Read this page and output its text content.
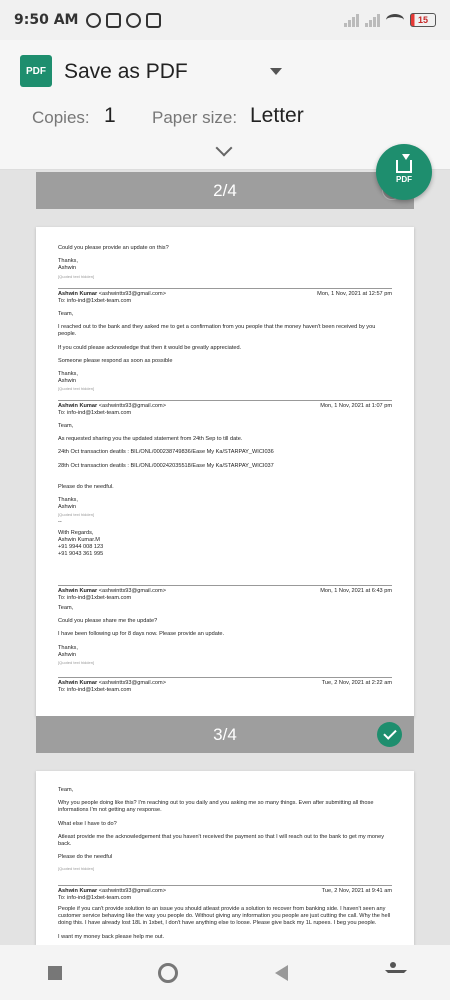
9:50 AM	15
PDF Save as PDF
Copies: 1 Paper size: Letter
PDF
2/4

Could you please provide an update on this?

Thanks,

Ashwin

[Quoted text hidden]

Ashwin Kumar <ashwintts93@gmail.com>	Mon, 1 Nov, 2021 at 12:57 pm

To: info-ind@1xbet-team.com

Team,

I reached out to the bank and they asked me to get a confirmation from you people that the money haven't been received by you people.

If you could please acknowledge that then it would be greatly appreciated.

Someone please respond as soon as possible

Thanks,

Ashwin

[Quoted text hidden]

Ashwin Kumar <ashwintts93@gmail.com>	Mon, 1 Nov, 2021 at 1:07 pm

To: info-ind@1xbet-team.com

Team,

As requested sharing you the updated statement from 24th Sep to till date.

24th Oct transaction deatils : BIL/ONL/000238749836/Ease My Ka/STARPAY_WICI036

28th Oct transaction deatils : BIL/ONL/000242035518/Ease My Ka/STARPAY_WICI037

Please do the needful.

Thanks,

Ashwin

[Quoted text hidden]

--

With Regards,

Ashwin Kumar.M

+91 9944 008 123

+91 9043 361 995

Ashwin Kumar <ashwintts93@gmail.com>	Mon, 1 Nov, 2021 at 6:43 pm

To: info-ind@1xbet-team.com

Team,

Could you please share me the update?

I have been following up for 8 days now. Please provide an update.

Thanks,

Ashwin

[Quoted text hidden]

Ashwin Kumar <ashwintts93@gmail.com>	Tue, 2 Nov, 2021 at 2:22 am

To: info-ind@1xbet-team.com

3/4

Team,

Why you people doing like this? I'm reaching out to you daily and you asking me so many things. Even after submitting all those informations I'm not getting any response.

What else I have to do?

Atleast provide me the acknowledgement that you haven't received the payment so that I will reach out to the bank to get my money back.

Please do the needful

[Quoted text hidden]

Ashwin Kumar <ashwintts93@gmail.com>	Tue, 2 Nov, 2021 at 9:41 am

To: info-ind@1xbet-team.com

People if you can't provide solution to an issue you should atleast provide a solution to recover from banking side. I haven't seen any customer service behaving like the way you people do. Without giving any information you people are just cutting the call. Why the hell doing this. I have already lost 18L in 1xbet, I don't have anything else to loose. Please give back my 1L rupees. I beg you people.

I want my money back please help me out.
